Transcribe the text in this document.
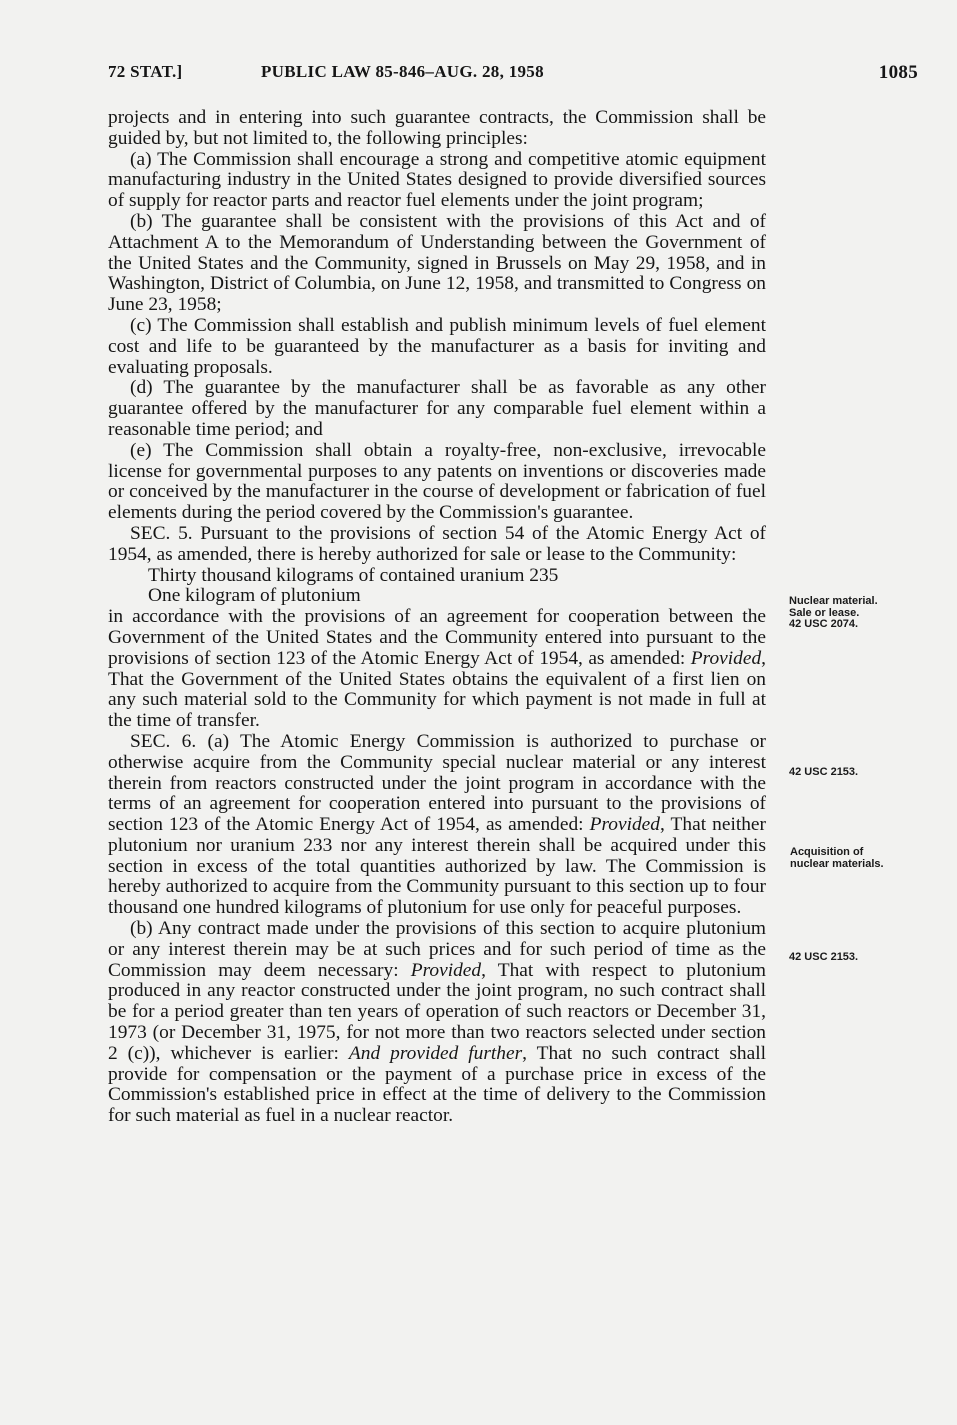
72 STAT.]	PUBLIC LAW 85-846–AUG. 28, 1958	1085

projects and in entering into such guarantee contracts, the Commission shall be guided by, but not limited to, the following principles:

(a) The Commission shall encourage a strong and competitive atomic equipment manufacturing industry in the United States designed to provide diversified sources of supply for reactor parts and reactor fuel elements under the joint program;

(b) The guarantee shall be consistent with the provisions of this Act and of Attachment A to the Memorandum of Understanding between the Government of the United States and the Community, signed in Brussels on May 29, 1958, and in Washington, District of Columbia, on June 12, 1958, and transmitted to Congress on June 23, 1958;

(c) The Commission shall establish and publish minimum levels of fuel element cost and life to be guaranteed by the manufacturer as a basis for inviting and evaluating proposals.

(d) The guarantee by the manufacturer shall be as favorable as any other guarantee offered by the manufacturer for any comparable fuel element within a reasonable time period; and

(e) The Commission shall obtain a royalty-free, non-exclusive, irrevocable license for governmental purposes to any patents on inventions or discoveries made or conceived by the manufacturer in the course of development or fabrication of fuel elements during the period covered by the Commission's guarantee.

SEC. 5. Pursuant to the provisions of section 54 of the Atomic Energy Act of 1954, as amended, there is hereby authorized for sale or lease to the Community:

Thirty thousand kilograms of contained uranium 235

One kilogram of plutonium

in accordance with the provisions of an agreement for cooperation between the Government of the United States and the Community entered into pursuant to the provisions of section 123 of the Atomic Energy Act of 1954, as amended: Provided, That the Government of the United States obtains the equivalent of a first lien on any such material sold to the Community for which payment is not made in full at the time of transfer.

SEC. 6. (a) The Atomic Energy Commission is authorized to purchase or otherwise acquire from the Community special nuclear material or any interest therein from reactors constructed under the joint program in accordance with the terms of an agreement for cooperation entered into pursuant to the provisions of section 123 of the Atomic Energy Act of 1954, as amended: Provided, That neither plutonium nor uranium 233 nor any interest therein shall be acquired under this section in excess of the total quantities authorized by law. The Commission is hereby authorized to acquire from the Community pursuant to this section up to four thousand one hundred kilograms of plutonium for use only for peaceful purposes.

(b) Any contract made under the provisions of this section to acquire plutonium or any interest therein may be at such prices and for such period of time as the Commission may deem necessary: Provided, That with respect to plutonium produced in any reactor constructed under the joint program, no such contract shall be for a period greater than ten years of operation of such reactors or December 31, 1973 (or December 31, 1975, for not more than two reactors selected under section 2 (c)), whichever is earlier: And provided further, That no such contract shall provide for compensation or the payment of a purchase price in excess of the Commission's established price in effect at the time of delivery to the Commission for such material as fuel in a nuclear reactor.

Nuclear material.
Sale or lease.
42 USC 2074.
42 USC 2153.
Acquisition of
nuclear materials.
42 USC 2153.
